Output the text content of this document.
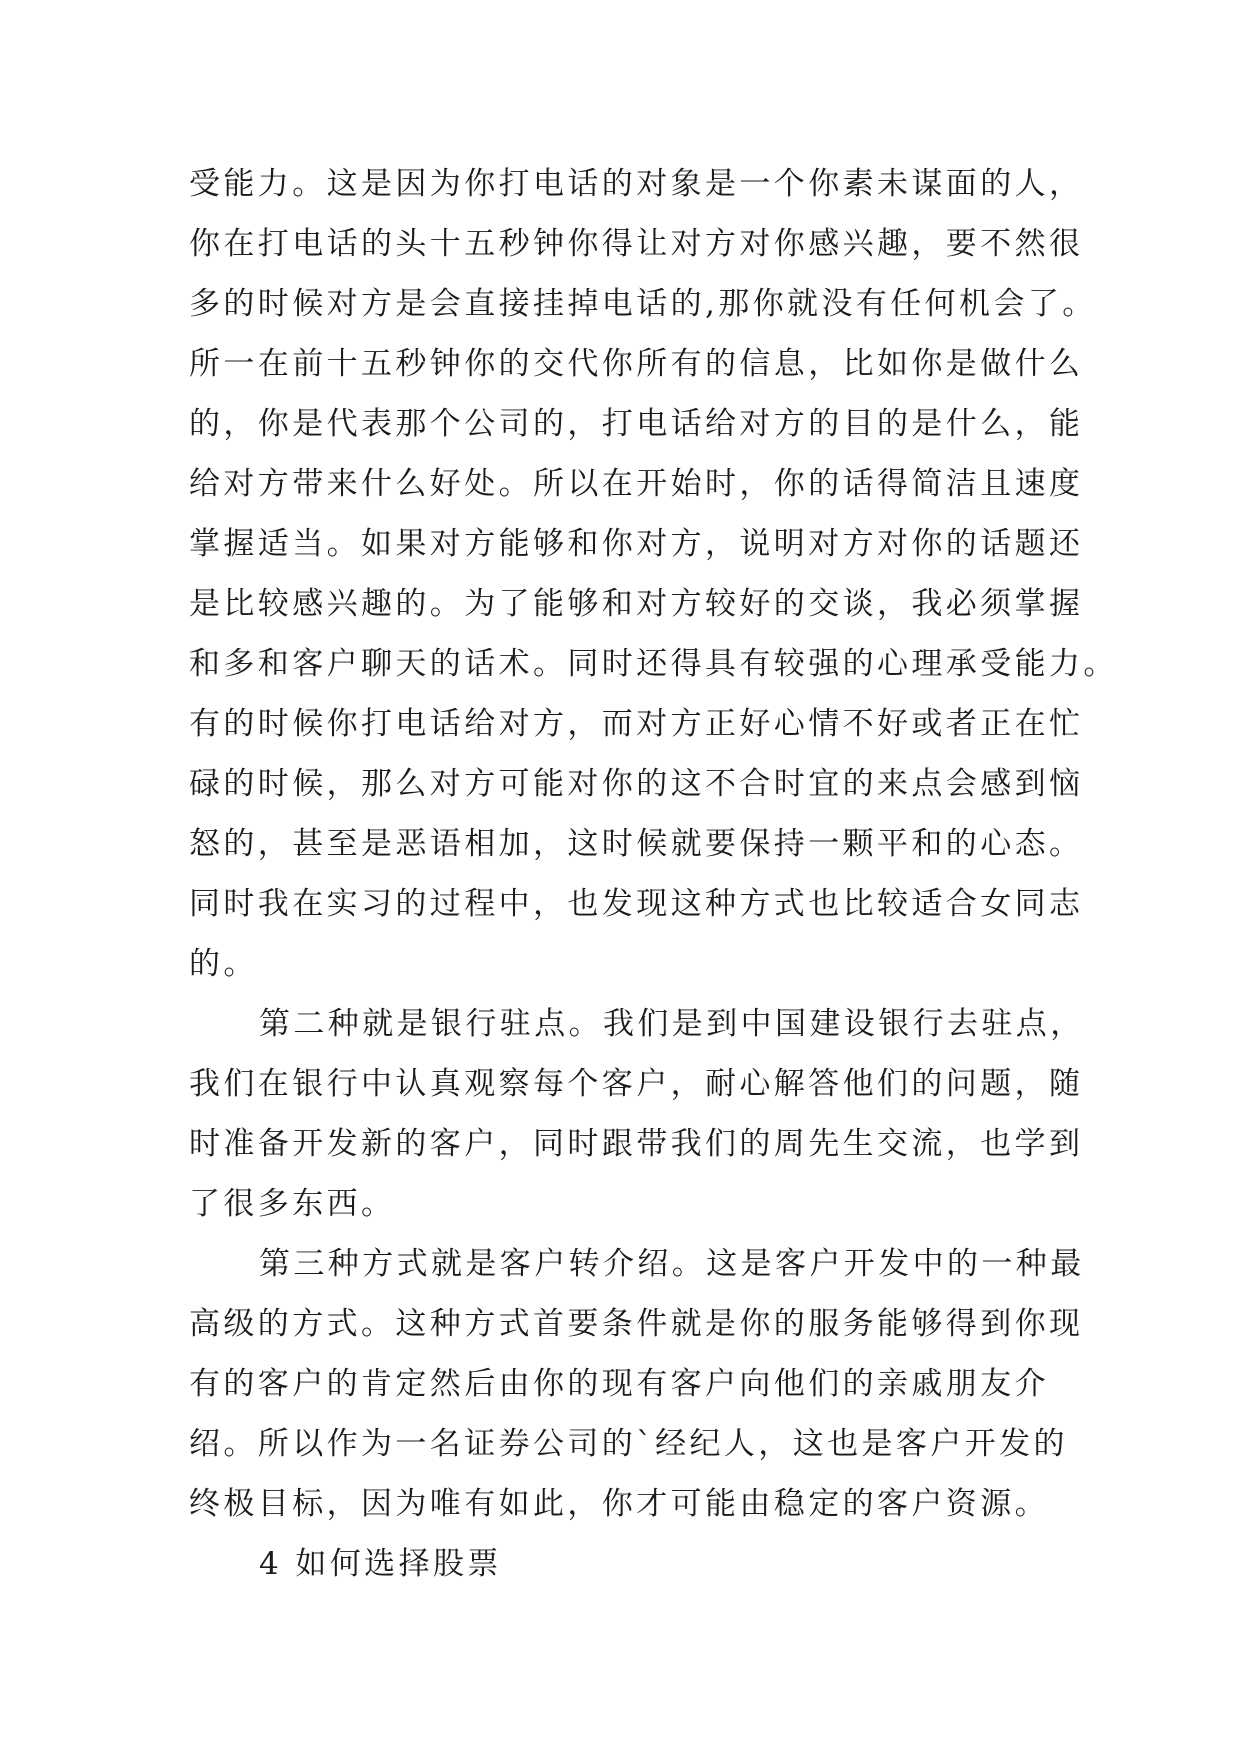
受能力。这是因为你打电话的对象是一个你素未谋面的人，
你在打电话的头十五秒钟你得让对方对你感兴趣，要不然很
多的时候对方是会直接挂掉电话的,那你就没有任何机会了。
所一在前十五秒钟你的交代你所有的信息，比如你是做什么
的，你是代表那个公司的，打电话给对方的目的是什么，能
给对方带来什么好处。所以在开始时，你的话得简洁且速度
掌握适当。如果对方能够和你对方，说明对方对你的话题还
是比较感兴趣的。为了能够和对方较好的交谈，我必须掌握
和多和客户聊天的话术。同时还得具有较强的心理承受能力。
有的时候你打电话给对方，而对方正好心情不好或者正在忙
碌的时候，那么对方可能对你的这不合时宜的来点会感到恼
怒的，甚至是恶语相加，这时候就要保持一颗平和的心态。
同时我在实习的过程中，也发现这种方式也比较适合女同志
的。
第二种就是银行驻点。我们是到中国建设银行去驻点，
我们在银行中认真观察每个客户，耐心解答他们的问题，随
时准备开发新的客户，同时跟带我们的周先生交流，也学到
了很多东西。
第三种方式就是客户转介绍。这是客户开发中的一种最
高级的方式。这种方式首要条件就是你的服务能够得到你现
有的客户的肯定然后由你的现有客户向他们的亲戚朋友介
绍。所以作为一名证券公司的`经纪人，这也是客户开发的
终极目标，因为唯有如此，你才可能由稳定的客户资源。
4 如何选择股票
